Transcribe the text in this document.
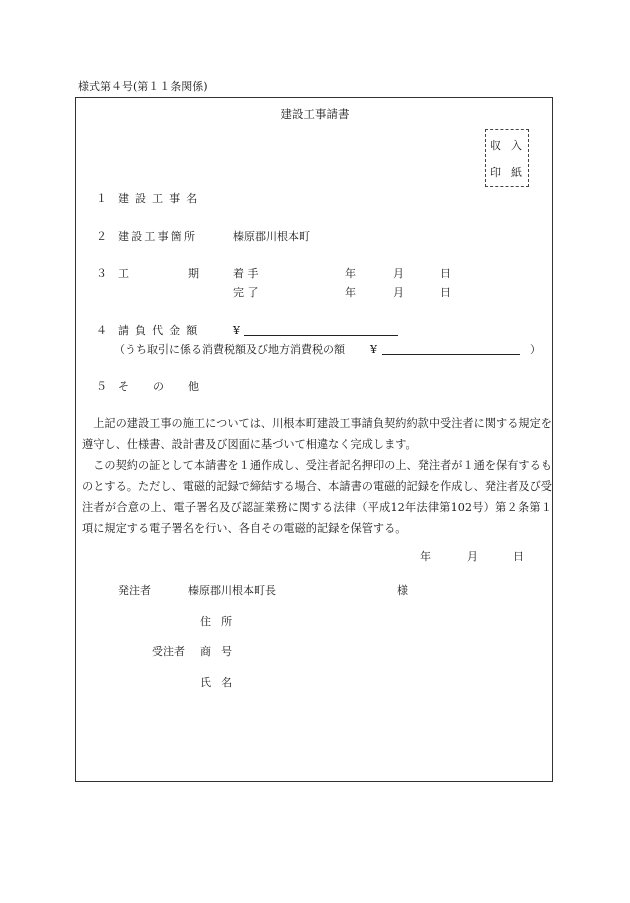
様式第４号(第１１条関係)
建設工事請書
収 入
印 紙
１ 建設工事名
２ 建設工事箇所	榛原郡川根本町
３ 工	期	着 手	年	月	日
完 了	年	月	日
４ 請負代金額	¥
（うち取引に係る消費税額及び地方消費税の額 ¥	）
５ そ の 他

上記の建設工事の施工については、川根本町建設工事請負契約約款中受注者に関する規定を遵守し、仕様書、設計書及び図面に基づいて相違なく完成します。

この契約の証として本請書を１通作成し、受注者記名押印の上、発注者が１通を保有するものとする。ただし、電磁的記録で締結する場合、本請書の電磁的記録を作成し、発注者及び受注者が合意の上、電子署名及び認証業務に関する法律（平成12年法律第102号）第２条第１項に規定する電子署名を行い、各自その電磁的記録を保管する。

年	月	日
発注者	榛原郡川根本町長	様
住 所
受注者 商 号
氏 名
